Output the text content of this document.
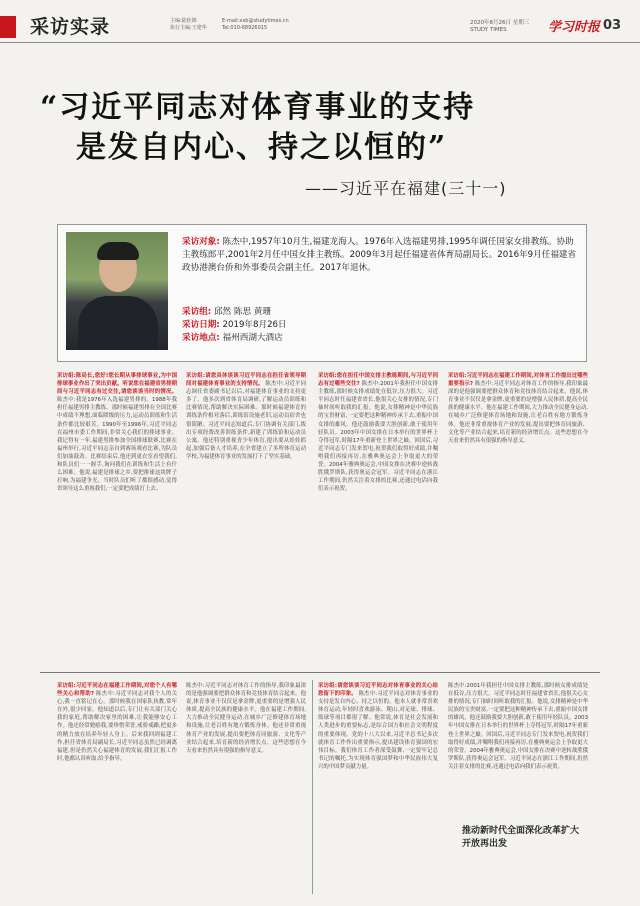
采访实录	主编:陆桂锦
执行主编:王建华
E-mail:xxb@studytimes.cn
Tel:010-68926015
2020年8月26日 星期三
STUDY TIMES	学习时报 03
“习近平同志对体育事业的支持
是发自内心、持之以恒的”
——习近平在福建(三十一)
采访对象: 陈杰中,1957年10月生,福建龙海人。1976年入选福建男排,1995年调任国家女排教练。协助主教练郎平,2001年2月任中国女排主教练。2009年3月起任福建省体育局副局长。2016年9月任福建省政协港澳台侨和外事委员会副主任。2017年退休。
采访组: 邱然 陈思 黄珊
采访日期: 2019年8月26日
采访地点: 福州西湖大酒店
采访组:陈局长,您好!您长期从事排球事业,为中国排球事业作出了突出贡献。听说您在福建省男排期间与习近平同志有过交往,请您谈谈当时的情况。 陈杰中:我是1976年入选福建男排的。1988年我担任福建男排主教练。那时候福建男排在全国比赛中成绩不理想,面临降级的压力,运动员训练和生活条件都比较艰苦。1990年至1996年,习近平同志在福州市委工作期间,非常关心我们的排球事业。我记得有一年,福建男排参加全国排球联赛,比赛在福州举行,习近平同志亲自到赛场观看比赛,为队员们加油鼓劲。比赛结束后,他还到更衣室看望我们,和队员们一一握手,询问我们在训练和生活上有什么困难。他说,福建是排球之乡,要把排球这块牌子打响,为福建争光。当时队员们听了都很感动,觉得省领导这么重视我们,一定要把成绩打上去。
采访组:请您具体谈谈习近平同志在担任省领导期间对福建体育事业的支持情况。 陈杰中:习近平同志调任省委副书记以后,对福建体育事业的支持更多了。他多次到省体育局调研,了解运动员训练和比赛情况,帮助解决实际困难。那时候福建体育的训练条件相对落后,训练馆设施老旧,运动员宿舍也很简陋。习近平同志知道后,专门协调有关部门,拨出专项经费改善训练条件,新建了训练馆和运动员公寓。他还特别重视青少年体育,提出要从娃娃抓起,加强后备人才培养,在全省建立了多所体育运动学校,为福建体育事业的发展打下了坚实基础。
采访组:您在担任中国女排主教练期间,与习近平同志有过哪些交往? 陈杰中:2001年我担任中国女排主教练,那时候女排成绩处在低谷,压力很大。习近平同志时任福建省省长,他很关心女排的情况,专门抽时间听取我的汇报。他说,女排精神是中华民族的宝贵财富,一定要把这种精神传承下去,重振中国女排的雄风。他还鼓励我要大胆创新,敢于使用年轻队员。2003年中国女排在日本举行的世界杯上夺得冠军,时隔17年重新登上世界之巅。回国后,习近平同志专门发来贺电,祝贺我们取得好成绩,并嘱咐我们再接再厉,在雅典奥运会上争取更大的荣誉。2004年雅典奥运会,中国女排在决赛中逆转战胜俄罗斯队,获得奥运会冠军。习近平同志在浙江工作期间,仍然关注着女排的比赛,还通过电话向我们表示祝贺。
采访组:习近平同志在福建工作期间,对体育工作提出过哪些重要指示? 陈杰中:习近平同志对体育工作的指导,我印象最深的是他强调要把群众体育和竞技体育结合起来。他说,体育事业不仅仅是拿金牌,更重要的是增强人民体质,提高全民族的健康水平。他在福建工作期间,大力推动全民健身运动,在城乡广泛修建体育场地和设施,让老百姓有地方锻炼身体。他还非常重视体育产业的发展,提出要把体育同旅游、文化等产业结合起来,培育新的经济增长点。这些思想在今天看来仍然具有很强的指导意义。
采访组:习近平同志在福建工作期间,对您个人有哪些关心和帮助? 陈杰中:习近平同志对我个人的关心,我一直铭记在心。那时候我在国家队执教,常年在外,很少回家。他知道以后,专门让有关部门关心我的家庭,帮助解决家里的困难,让我能够安心工作。他还经常勉励我,要珍惜荣誉,戒骄戒躁,把更多的精力放在培养年轻人身上。后来我回到福建工作,担任省体育局副局长,习近平同志虽然已经调离福建,但是仍然关心福建体育的发展,我们汇报工作时,他都认真听取,给予指导。
陈杰中:习近平同志对体育工作的指导,我印象最深的是他强调要把群众体育和竞技体育结合起来。他说,体育事业不仅仅是拿金牌,更重要的是增强人民体质,提高全民族的健康水平。他在福建工作期间,大力推动全民健身运动,在城乡广泛修建体育场地和设施,让老百姓有地方锻炼身体。他还非常重视体育产业的发展,提出要把体育同旅游、文化等产业结合起来,培育新的经济增长点。这些思想在今天看来仍然具有很强的指导意义。
采访组:请您谈谈习近平同志对体育事业的关心给您留下的印象。 陈杰中:习近平同志对体育事业的支持是发自内心、持之以恒的。他本人就非常喜欢体育运动,年轻时喜欢游泳、爬山,对足球、排球、篮球等项目都很了解。他常说,体育是社会发展和人类进步的重要标志,是综合国力和社会文明程度的重要体现。党的十八大以来,习近平总书记多次就体育工作作出重要指示,提出建设体育强国的宏伟目标。我们体育工作者深受鼓舞,一定要牢记总书记的嘱托,为实现体育强国梦和中华民族伟大复兴的中国梦贡献力量。
陈杰中:2001年我担任中国女排主教练,那时候女排成绩处在低谷,压力很大。习近平同志时任福建省省长,他很关心女排的情况,专门抽时间听取我的汇报。他说,女排精神是中华民族的宝贵财富,一定要把这种精神传承下去,重振中国女排的雄风。他还鼓励我要大胆创新,敢于使用年轻队员。2003年中国女排在日本举行的世界杯上夺得冠军,时隔17年重新登上世界之巅。回国后,习近平同志专门发来贺电,祝贺我们取得好成绩,并嘱咐我们再接再厉,在雅典奥运会上争取更大的荣誉。2004年雅典奥运会,中国女排在决赛中逆转战胜俄罗斯队,获得奥运会冠军。习近平同志在浙江工作期间,仍然关注着女排的比赛,还通过电话向我们表示祝贺。
推动新时代全面深化改革扩大开放再出发
